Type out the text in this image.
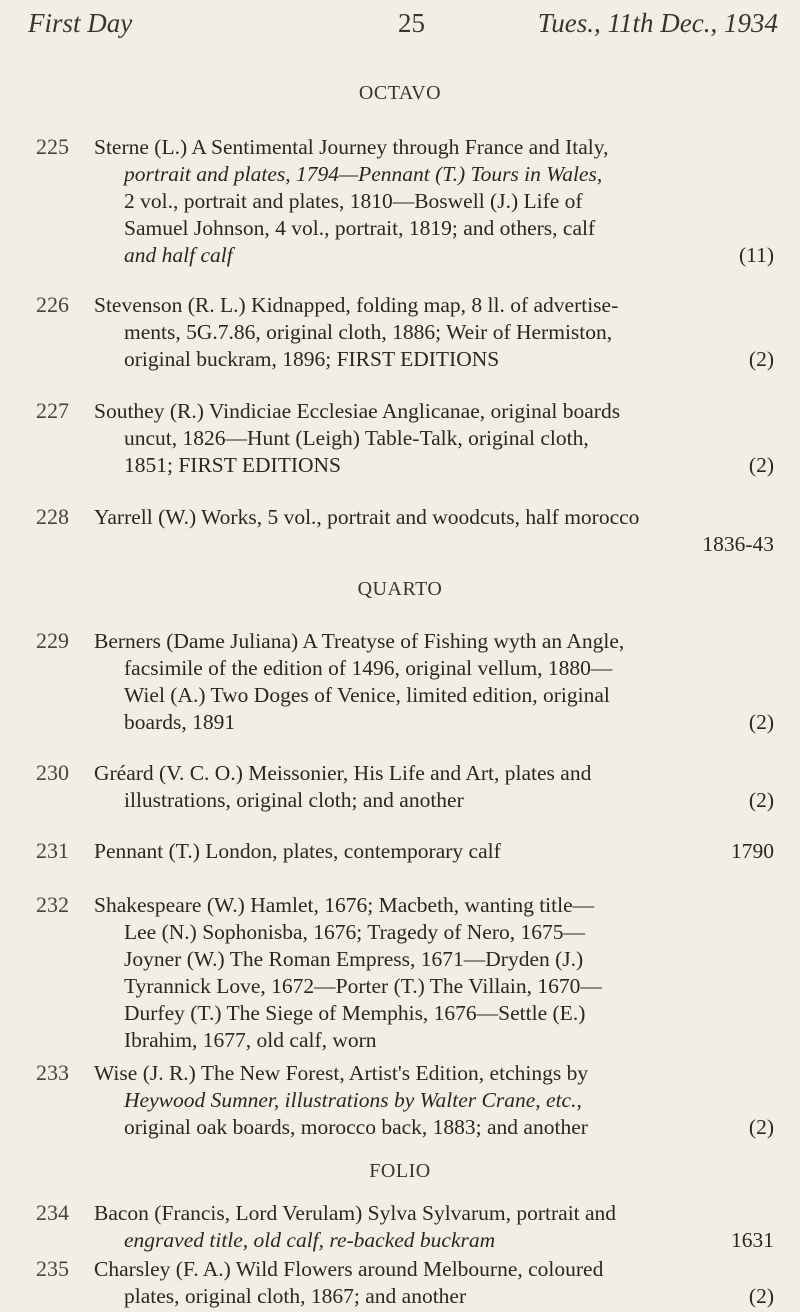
First Day	25	Tues., 11th Dec., 1934
OCTAVO
225	Sterne (L.) A Sentimental Journey through France and Italy,
portrait and plates, 1794—Pennant (T.) Tours in Wales,
2 vol., portrait and plates, 1810—Boswell (J.) Life of
Samuel Johnson, 4 vol., portrait, 1819; and others, calf
and half calf	(11)
226	Stevenson (R. L.) Kidnapped, folding map, 8 ll. of advertise-
ments, 5G.7.86, original cloth, 1886; Weir of Hermiston,
original buckram, 1896; FIRST EDITIONS	(2)
227	Southey (R.) Vindiciae Ecclesiae Anglicanae, original boards
uncut, 1826—Hunt (Leigh) Table-Talk, original cloth,
1851; FIRST EDITIONS	(2)
228	Yarrell (W.) Works, 5 vol., portrait and woodcuts, half morocco
1836-43

QUARTO
229	Berners (Dame Juliana) A Treatyse of Fishing wyth an Angle,
facsimile of the edition of 1496, original vellum, 1880—
Wiel (A.) Two Doges of Venice, limited edition, original
boards, 1891	(2)
230	Gréard (V. C. O.) Meissonier, His Life and Art, plates and
illustrations, original cloth; and another	(2)
231	Pennant (T.) London, plates, contemporary calf	1790
232	Shakespeare (W.) Hamlet, 1676; Macbeth, wanting title—
Lee (N.) Sophonisba, 1676; Tragedy of Nero, 1675—
Joyner (W.) The Roman Empress, 1671—Dryden (J.)
Tyrannick Love, 1672—Porter (T.) The Villain, 1670—
Durfey (T.) The Siege of Memphis, 1676—Settle (E.)
Ibrahim, 1677, old calf, worn
233	Wise (J. R.) The New Forest, Artist's Edition, etchings by
Heywood Sumner, illustrations by Walter Crane, etc.,
original oak boards, morocco back, 1883; and another	(2)
FOLIO
234	Bacon (Francis, Lord Verulam) Sylva Sylvarum, portrait and
engraved title, old calf, re-backed buckram	1631
235	Charsley (F. A.) Wild Flowers around Melbourne, coloured
plates, original cloth, 1867; and another	(2)
